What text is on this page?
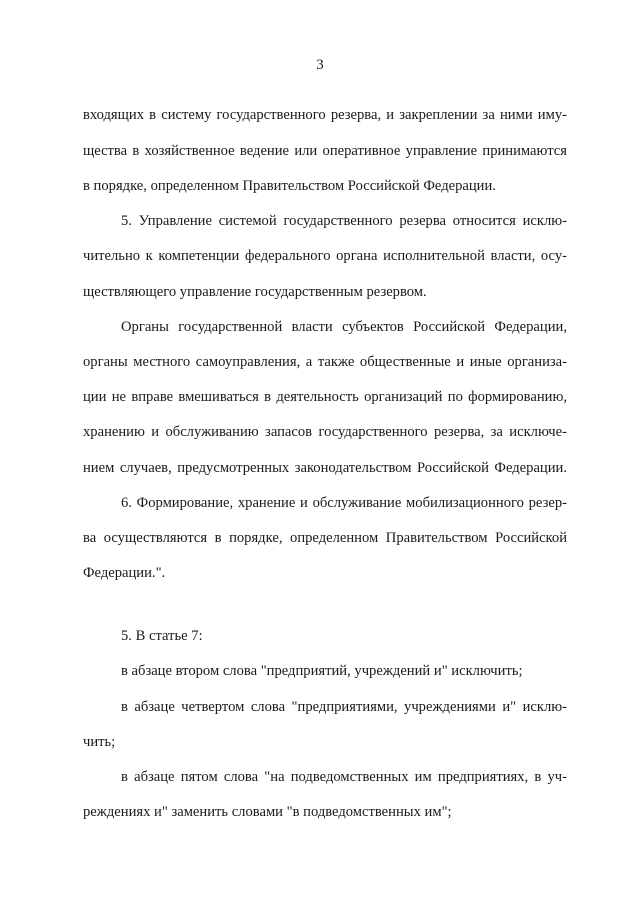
3
входящих в систему государственного резерва, и закреплении за ними иму-
щества в хозяйственное ведение или оперативное управление принимаются
в порядке, определенном Правительством Российской Федерации.
5. Управление системой государственного резерва относится исклю-
чительно к компетенции федерального органа исполнительной власти, осу-
ществляющего управление государственным резервом.
Органы государственной власти субъектов Российской Федерации,
органы местного самоуправления, а также общественные и иные организа-
ции не вправе вмешиваться в деятельность организаций по формированию,
хранению и обслуживанию запасов государственного резерва, за исключе-
нием случаев, предусмотренных законодательством Российской Федерации.
6. Формирование, хранение и обслуживание мобилизационного резер-
ва осуществляются в порядке, определенном Правительством Российской
Федерации.".
5. В статье 7:
в абзаце втором слова "предприятий, учреждений и" исключить;
в абзаце четвертом слова "предприятиями, учреждениями и" исклю-
чить;
в абзаце пятом слова "на подведомственных им предприятиях, в уч-
реждениях и" заменить словами "в подведомственных им";
